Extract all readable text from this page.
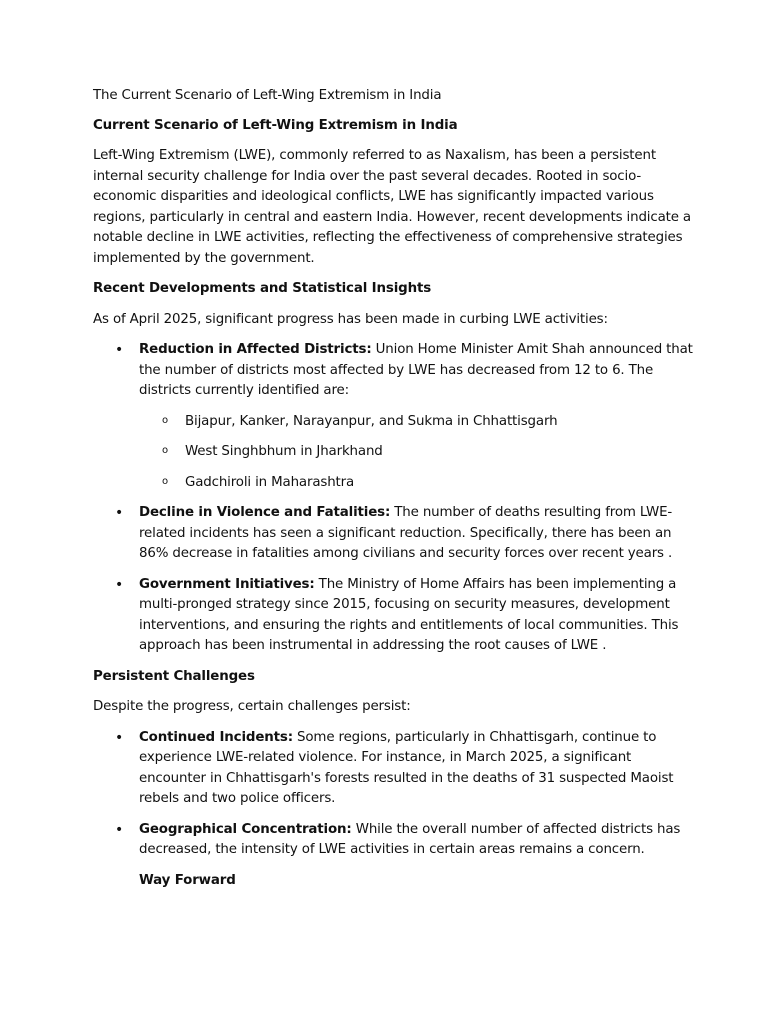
The Current Scenario of Left-Wing Extremism in India

Current Scenario of Left-Wing Extremism in India

Left-Wing Extremism (LWE), commonly referred to as Naxalism, has been a persistent internal security challenge for India over the past several decades. Rooted in socio-economic disparities and ideological conflicts, LWE has significantly impacted various regions, particularly in central and eastern India. However, recent developments indicate a notable decline in LWE activities, reflecting the effectiveness of comprehensive strategies implemented by the government.

Recent Developments and Statistical Insights

As of April 2025, significant progress has been made in curbing LWE activities:

• Reduction in Affected Districts: Union Home Minister Amit Shah announced that the number of districts most affected by LWE has decreased from 12 to 6. The districts currently identified are:
o Bijapur, Kanker, Narayanpur, and Sukma in Chhattisgarh
o West Singhbhum in Jharkhand
o Gadchiroli in Maharashtra
• Decline in Violence and Fatalities: The number of deaths resulting from LWE-related incidents has seen a significant reduction. Specifically, there has been an 86% decrease in fatalities among civilians and security forces over recent years .
• Government Initiatives: The Ministry of Home Affairs has been implementing a multi-pronged strategy since 2015, focusing on security measures, development interventions, and ensuring the rights and entitlements of local communities. This approach has been instrumental in addressing the root causes of LWE .

Persistent Challenges

Despite the progress, certain challenges persist:

• Continued Incidents: Some regions, particularly in Chhattisgarh, continue to experience LWE-related violence. For instance, in March 2025, a significant encounter in Chhattisgarh's forests resulted in the deaths of 31 suspected Maoist rebels and two police officers.
• Geographical Concentration: While the overall number of affected districts has decreased, the intensity of LWE activities in certain areas remains a concern.

Way Forward
